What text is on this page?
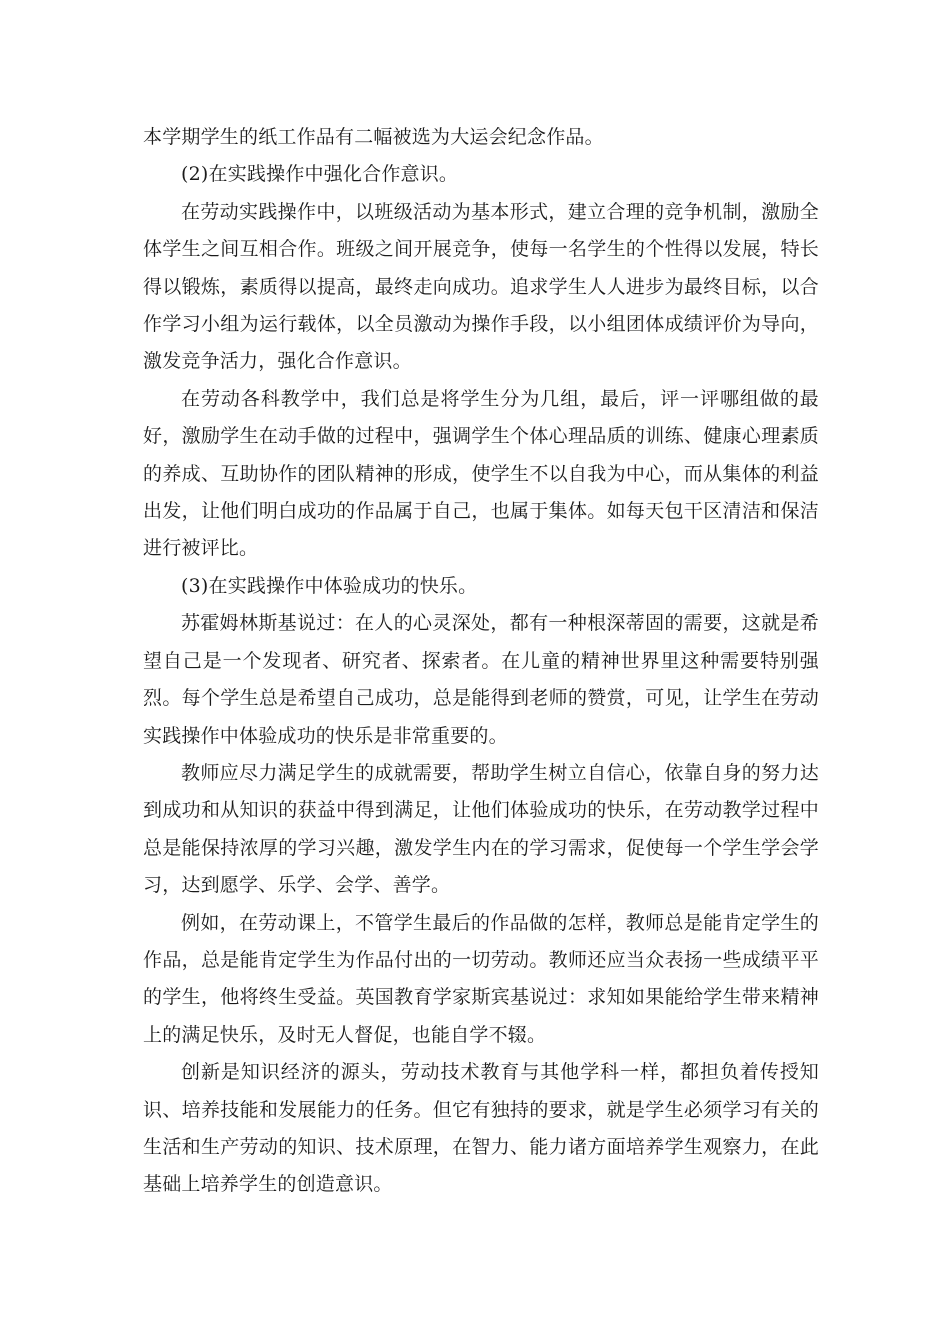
本学期学生的纸工作品有二幅被选为大运会纪念作品。

(2)在实践操作中强化合作意识。

在劳动实践操作中，以班级活动为基本形式，建立合理的竞争机制，激励全体学生之间互相合作。班级之间开展竞争，使每一名学生的个性得以发展，特长得以锻炼，素质得以提高，最终走向成功。追求学生人人进步为最终目标，以合作学习小组为运行载体，以全员激动为操作手段，以小组团体成绩评价为导向，激发竞争活力，强化合作意识。

在劳动各科教学中，我们总是将学生分为几组，最后，评一评哪组做的最好，激励学生在动手做的过程中，强调学生个体心理品质的训练、健康心理素质的养成、互助协作的团队精神的形成，使学生不以自我为中心，而从集体的利益出发，让他们明白成功的作品属于自己，也属于集体。如每天包干区清洁和保洁进行被评比。

(3)在实践操作中体验成功的快乐。

苏霍姆林斯基说过：在人的心灵深处，都有一种根深蒂固的需要，这就是希望自己是一个发现者、研究者、探索者。在儿童的精神世界里这种需要特别强烈。每个学生总是希望自己成功，总是能得到老师的赞赏，可见，让学生在劳动实践操作中体验成功的快乐是非常重要的。

教师应尽力满足学生的成就需要，帮助学生树立自信心，依靠自身的努力达到成功和从知识的获益中得到满足，让他们体验成功的快乐，在劳动教学过程中总是能保持浓厚的学习兴趣，激发学生内在的学习需求，促使每一个学生学会学习，达到愿学、乐学、会学、善学。

例如，在劳动课上，不管学生最后的作品做的怎样，教师总是能肯定学生的作品，总是能肯定学生为作品付出的一切劳动。教师还应当众表扬一些成绩平平的学生，他将终生受益。英国教育学家斯宾基说过：求知如果能给学生带来精神上的满足快乐，及时无人督促，也能自学不辍。

创新是知识经济的源头，劳动技术教育与其他学科一样，都担负着传授知识、培养技能和发展能力的任务。但它有独持的要求，就是学生必须学习有关的生活和生产劳动的知识、技术原理，在智力、能力诸方面培养学生观察力，在此基础上培养学生的创造意识。
